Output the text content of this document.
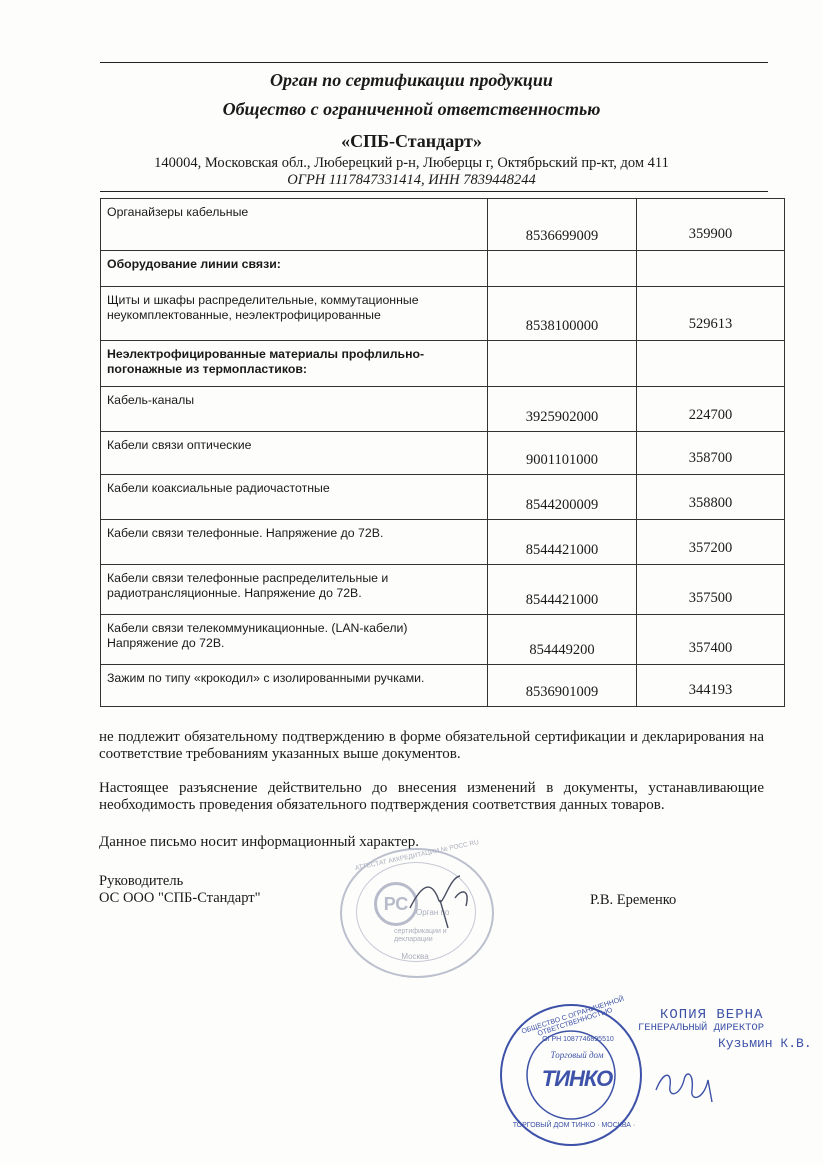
Орган по сертификации продукции
Общество с ограниченной ответственностью
«СПБ-Стандарт»
140004, Московская обл., Люберецкий р-н, Люберцы г, Октябрьский пр-кт, дом 411
ОГРН 1117847331414, ИНН 7839448244
Органайзеры кабельные	8536699009	359900
Оборудование линии связи:		
Щиты и шкафы распределительные, коммутационные неукомплектованные, неэлектрофицированные	8538100000	529613
Неэлектрофицированные материалы профлильно-погонажные из термопластиков:		
Кабель-каналы	3925902000	224700
Кабели связи оптические	9001101000	358700
Кабели коаксиальные радиочастотные	8544200009	358800
Кабели связи телефонные. Напряжение до 72В.	8544421000	357200
Кабели связи телефонные распределительные и радиотрансляционные. Напряжение до 72В.	8544421000	357500
Кабели связи телекоммуникационные. (LAN-кабели) Напряжение до 72В.	854449200	357400
Зажим по типу «крокодил» с изолированными ручками.	8536901009	344193
не подлежит обязательному подтверждению в форме обязательной сертификации и декларирования на соответствие требованиям указанных выше документов.
Настоящее разъяснение действительно до внесения изменений в документы, устанавливающие необходимость проведения обязательного подтверждения соответствия данных товаров.
Данное письмо носит информационный характер.
Руководитель
ОС ООО "СПБ-Стандарт"	Р.В. Еременко
АТТЕСТАТ АККРЕДИТАЦИИ № РОСС RU
РС Орган по
сертификации и декларации
Москва
ОБЩЕСТВО С ОГРАНИЧЕННОЙ ОТВЕТСТВЕННОСТЬЮ
ОГРН 1087746895510
Торговый дом
ТИНКО
ТОРГОВЫЙ ДОМ ТИНКО · МОСКВА ·
КОПИЯ ВЕРНА
ГЕНЕРАЛЬНЫЙ ДИРЕКТОР
Кузьмин К.В.
